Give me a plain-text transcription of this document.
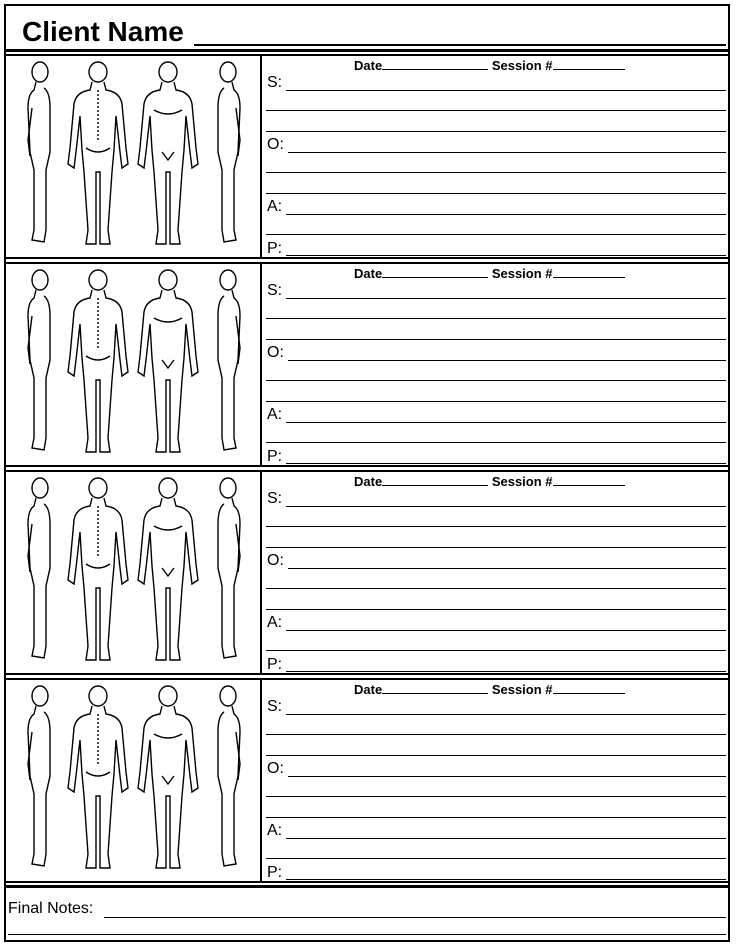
Client Name
Date	Session #
S:
O:
A:
P:
Date	Session #
S:
O:
A:
P:
Date	Session #
S:
O:
A:
P:
Date	Session #
S:
O:
A:
P:
Final Notes:
